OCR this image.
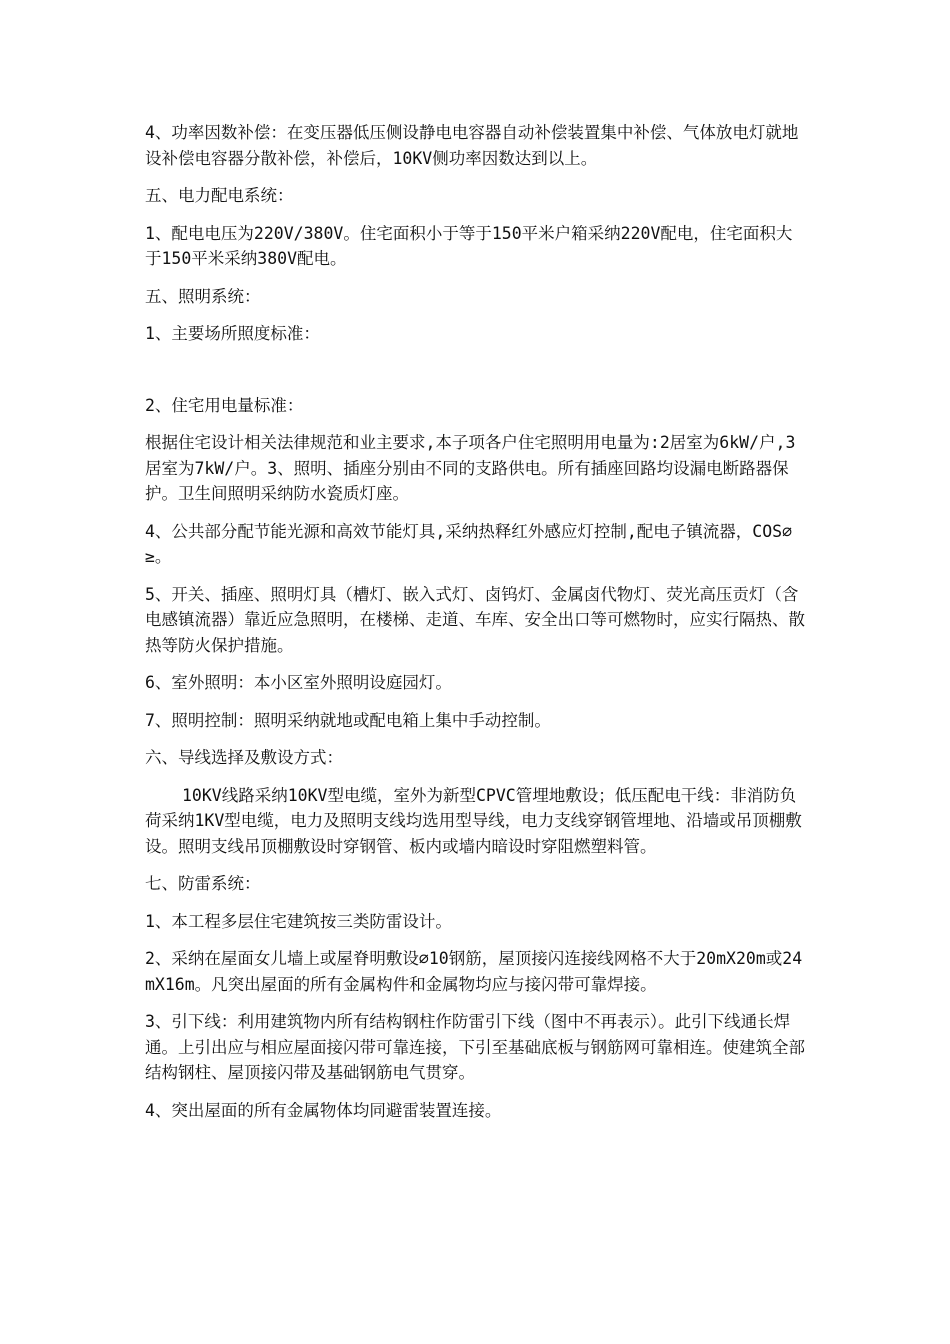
4、功率因数补偿：在变压器低压侧设静电电容器自动补偿装置集中补偿、气体放电灯就地设补偿电容器分散补偿，补偿后，10KV侧功率因数达到以上。

五、电力配电系统：

1、配电电压为220V/380V。住宅面积小于等于150平米户箱采纳220V配电，住宅面积大于150平米采纳380V配电。

五、照明系统：

1、主要场所照度标准：

2、住宅用电量标准：

根据住宅设计相关法律规范和业主要求,本子项各户住宅照明用电量为:2居室为6kW/户,3居室为7kW/户。3、照明、插座分别由不同的支路供电。所有插座回路均设漏电断路器保护。卫生间照明采纳防水瓷质灯座。

4、公共部分配节能光源和高效节能灯具,采纳热释红外感应灯控制,配电子镇流器，COS∅≥。

5、开关、插座、照明灯具（槽灯、嵌入式灯、卤钨灯、金属卤代物灯、荧光高压贡灯（含电感镇流器）靠近应急照明，在楼梯、走道、车库、安全出口等可燃物时，应实行隔热、散热等防火保护措施。

6、室外照明：本小区室外照明设庭园灯。

7、照明控制：照明采纳就地或配电箱上集中手动控制。

六、导线选择及敷设方式：

10KV线路采纳10KV型电缆，室外为新型CPVC管埋地敷设；低压配电干线：非消防负荷采纳1KV型电缆，电力及照明支线均选用型导线，电力支线穿钢管埋地、沿墙或吊顶棚敷设。照明支线吊顶棚敷设时穿钢管、板内或墙内暗设时穿阻燃塑料管。

七、防雷系统：

1、本工程多层住宅建筑按三类防雷设计。

2、采纳在屋面女儿墙上或屋脊明敷设∅10钢筋，屋顶接闪连接线网格不大于20mX20m或24mX16m。凡突出屋面的所有金属构件和金属物均应与接闪带可靠焊接。

3、引下线：利用建筑物内所有结构钢柱作防雷引下线（图中不再表示）。此引下线通长焊通。上引出应与相应屋面接闪带可靠连接，下引至基础底板与钢筋网可靠相连。使建筑全部结构钢柱、屋顶接闪带及基础钢筋电气贯穿。

4、突出屋面的所有金属物体均同避雷装置连接。
